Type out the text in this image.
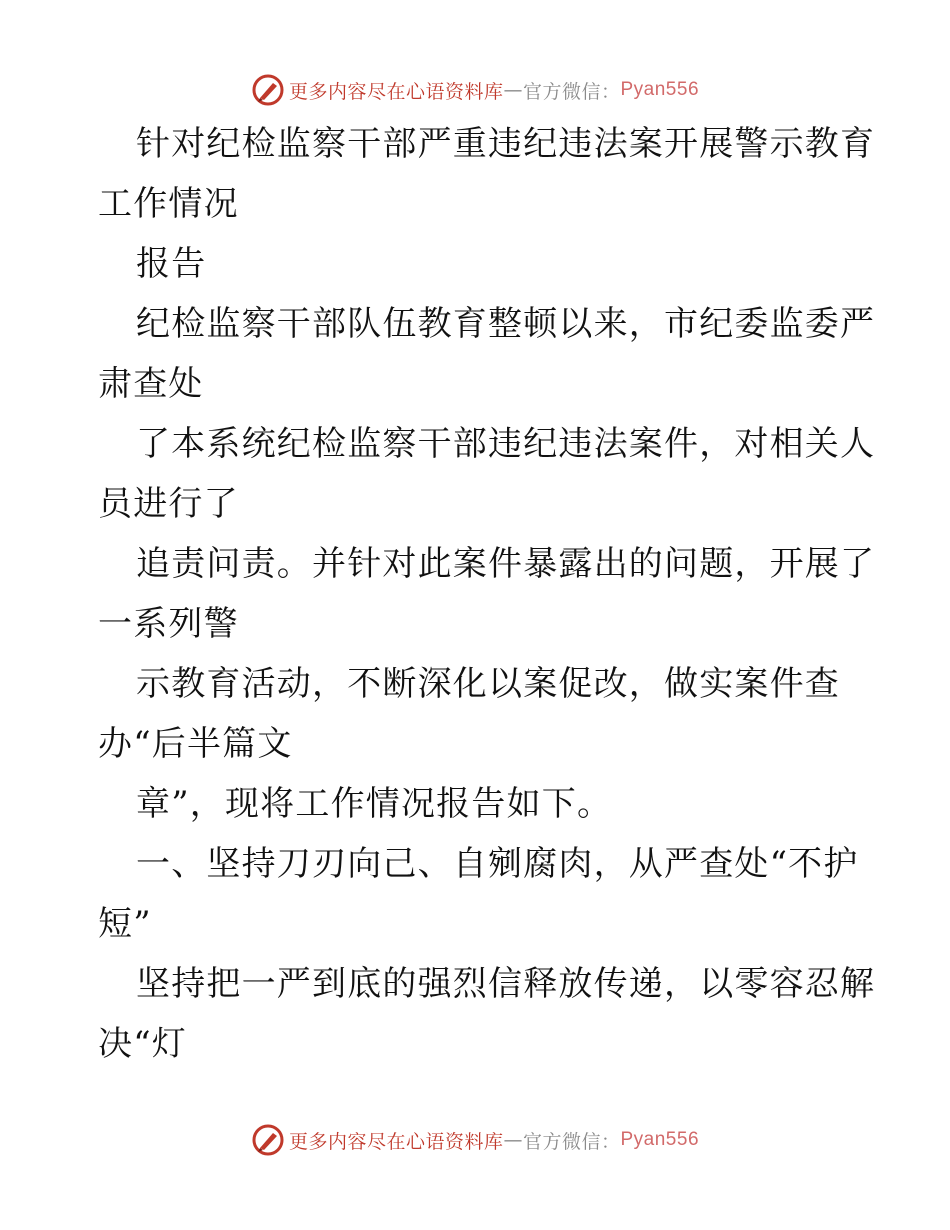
更多内容尽在心语资料库 — 官方微信： Pyan556
针对纪检监察干部严重违纪违法案开展警示教育
工作情况
报告
纪检监察干部队伍教育整顿以来，市纪委监委严
肃查处
了本系统纪检监察干部违纪违法案件，对相关人
员进行了
追责问责。并针对此案件暴露出的问题，开展了
一系列警
示教育活动，不断深化以案促改，做实案件查
办“后半篇文
章”，现将工作情况报告如下。
一、坚持刀刃向己、自剜腐肉，从严查处“不护
短”
坚持把一严到底的强烈信释放传递，以零容忍解
决“灯
更多内容尽在心语资料库 — 官方微信： Pyan556
